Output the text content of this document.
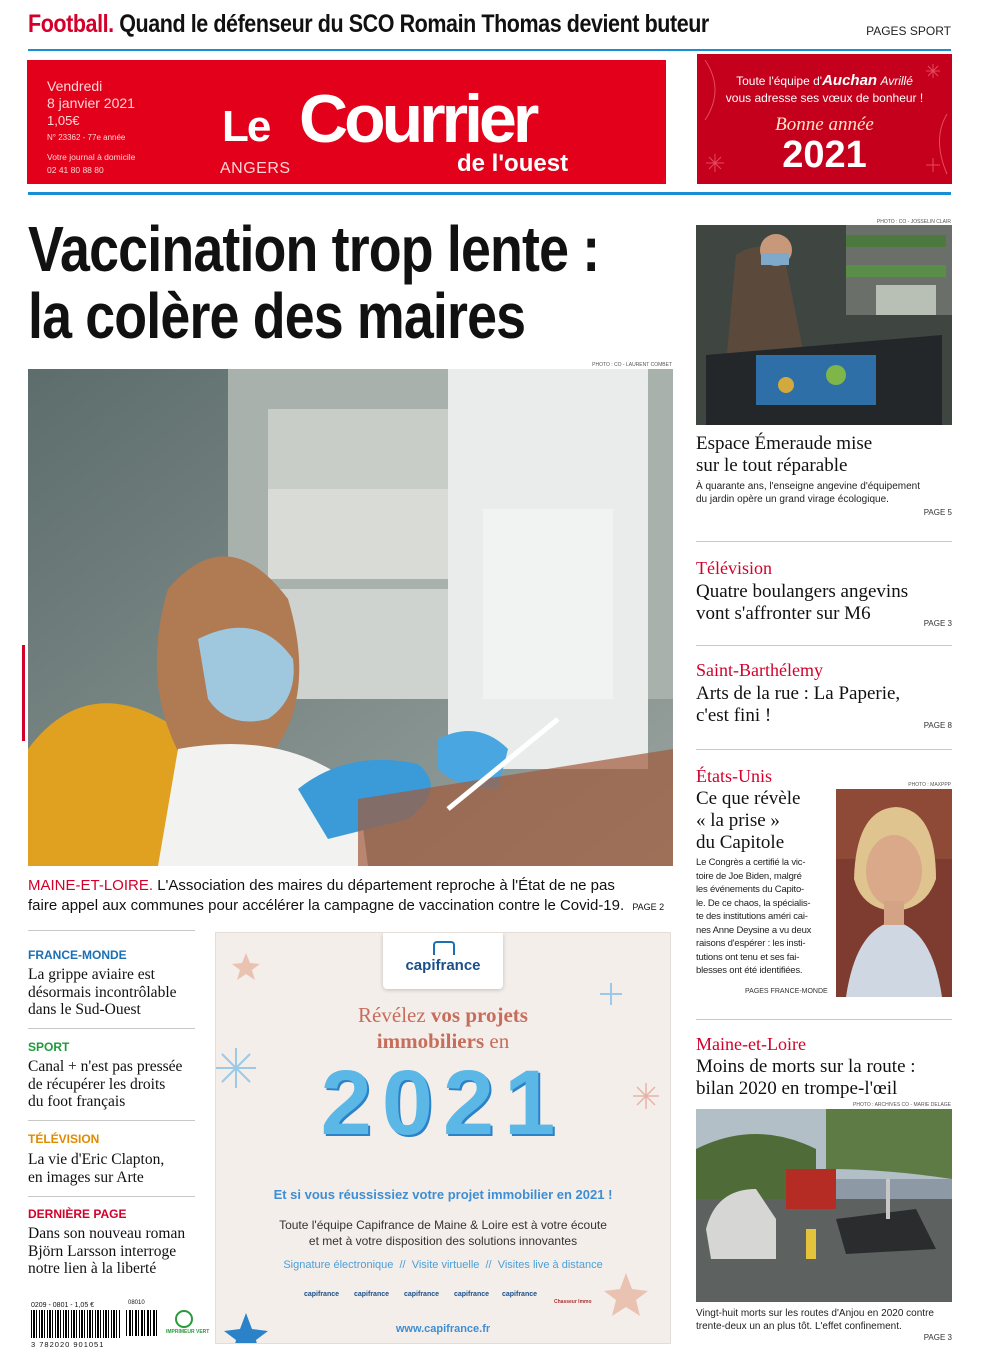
Football. Quand le défenseur du SCO Romain Thomas devient buteur	PAGES SPORT
Vendredi
8 janvier 2021
1,05€
N° 23362 - 77e année
Votre journal à domicile
02 41 80 88 80
Le Courrier
de l'ouest
ANGERS
Toute l'équipe d'Auchan Avrillé
vous adresse ses vœux de bonheur !
Bonne année
2021
Vaccination trop lente :
la colère des maires
PHOTO : CO - LAURENT COMBET
MAINE-ET-LOIRE. L'Association des maires du département reproche à l'État de ne pas
faire appel aux communes pour accélérer la campagne de vaccination contre le Covid-19. PAGE 2
FRANCE-MONDE
La grippe aviaire est
désormais incontrôlable
dans le Sud-Ouest
SPORT
Canal + n'est pas pressée
de récupérer les droits
du foot français
TÉLÉVISION
La vie d'Eric Clapton,
en images sur Arte
DERNIÈRE PAGE
Dans son nouveau roman
Björn Larsson interroge
notre lien à la liberté
0209 - 0801 - 1,05 €
3 782020 901051
08010
IMPRIMEUR VERT
capifrance
Révélez vos projets
immobiliers en
2021
Et si vous réussissiez votre projet immobilier en 2021 !
Toute l'équipe Capifrance de Maine & Loire est à votre écoute
et met à votre disposition des solutions innovantes
Signature électronique  //  Visite virtuelle  //  Visites live à distance
capifrance capifrance capifrance capifrance capifrance
Chasseur Immo
www.capifrance.fr
PHOTO : CO - JOSSELIN CLAIR
Espace Émeraude mise
sur le tout réparable
À quarante ans, l'enseigne angevine d'équipement
du jardin opère un grand virage écologique.
PAGE 5
Télévision
Quatre boulangers angevins
vont s'affronter sur M6	PAGE 3
Saint-Barthélemy
Arts de la rue : La Paperie,
c'est fini !	PAGE 8
États-Unis	PHOTO : MAXPPP
Ce que révèle
« la prise »
du Capitole
Le Congrès a certifié la vic-
toire de Joe Biden, malgré
les événements du Capito-
le. De ce chaos, la spécialis-
te des institutions améri cai-
nes Anne Deysine a vu deux
raisons d'espérer : les insti-
tutions ont tenu et ses fai-
blesses ont été identifiées.
PAGES FRANCE-MONDE
Maine-et-Loire
Moins de morts sur la route :
bilan 2020 en trompe-l'œil
PHOTO : ARCHIVES CO - MARIE DELAGE
Vingt-huit morts sur les routes d'Anjou en 2020 contre
trente-deux un an plus tôt. L'effet confinement.
PAGE 3
